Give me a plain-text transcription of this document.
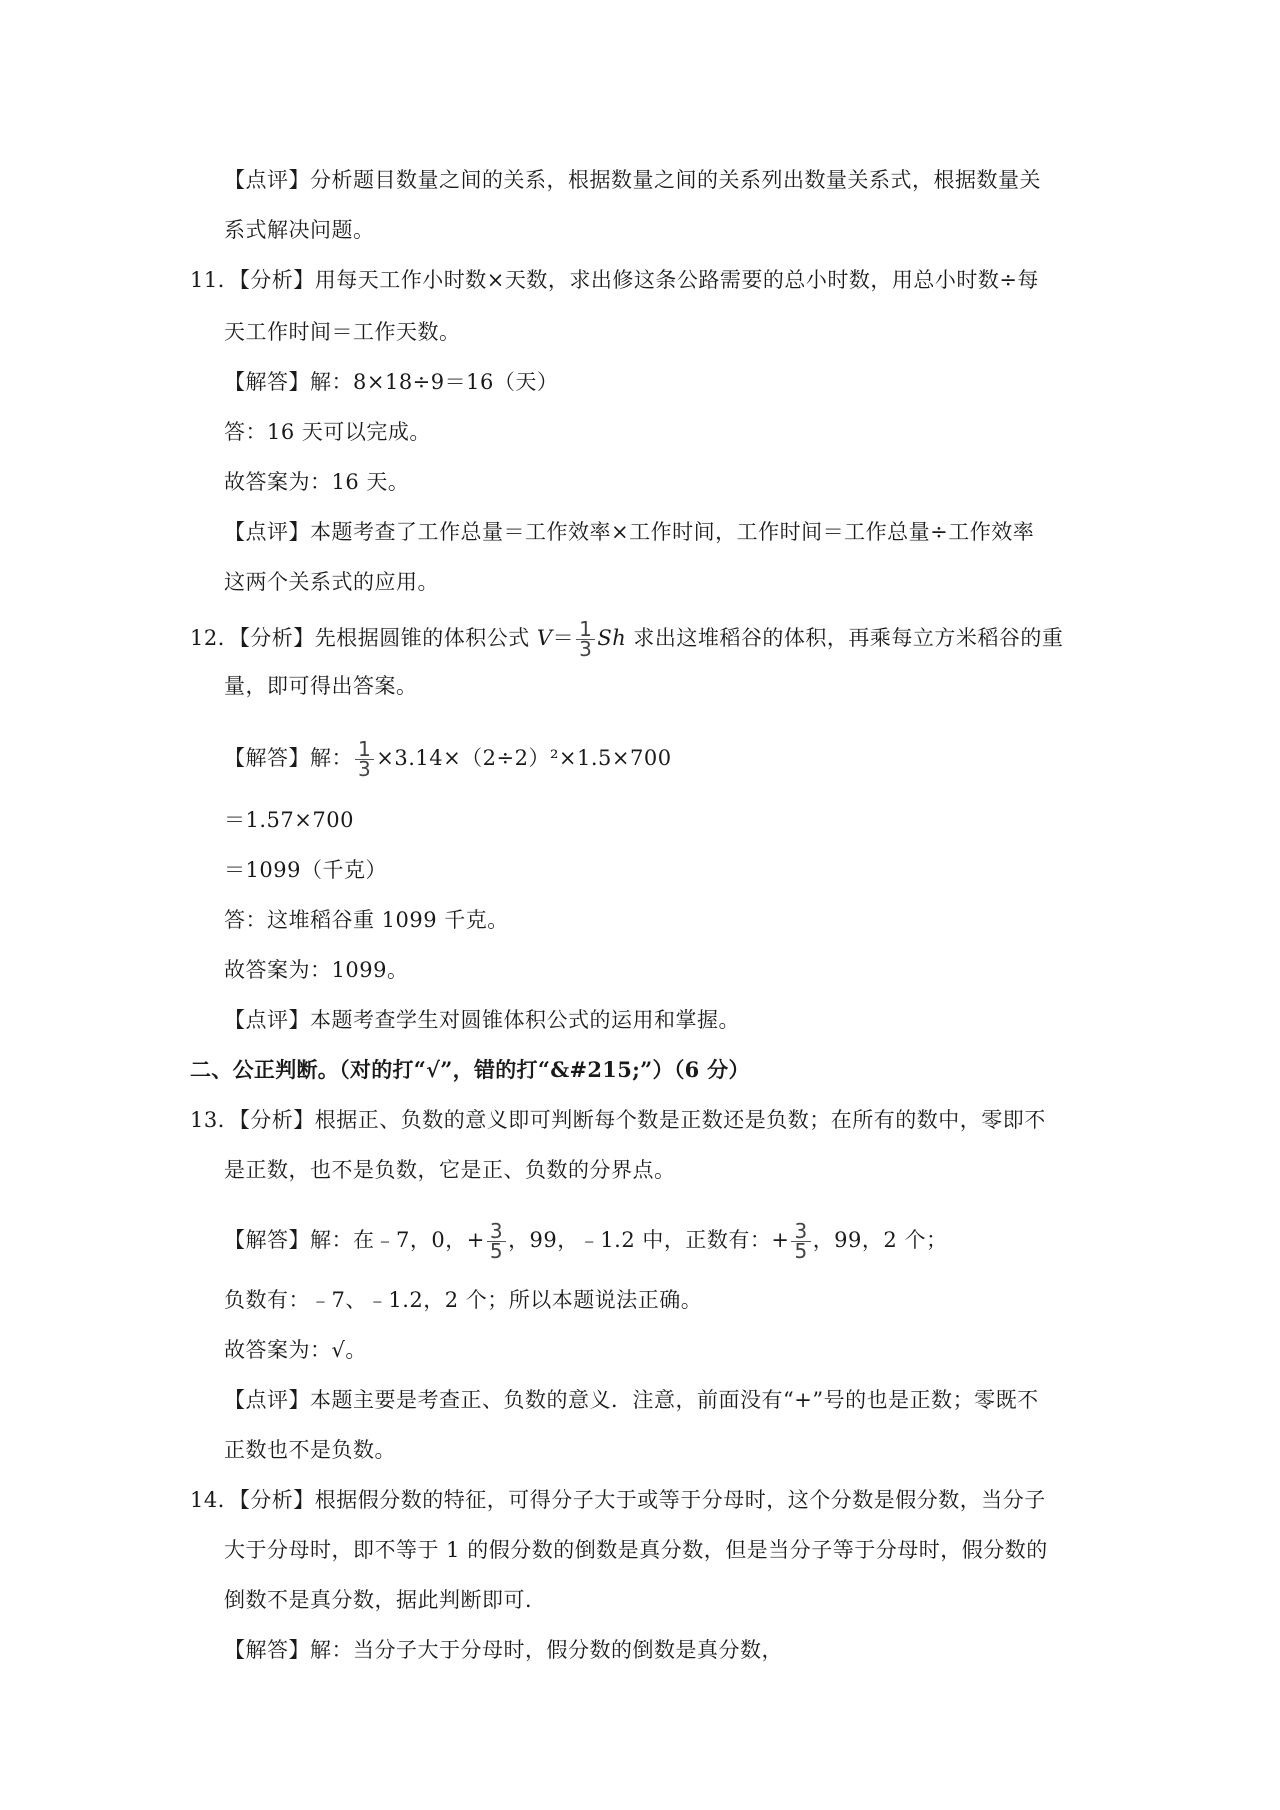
【点评】分析题目数量之间的关系，根据数量之间的关系列出数量关系式，根据数量关
系式解决问题。
11．【分析】用每天工作小时数×天数，求出修这条公路需要的总小时数，用总小时数÷每
天工作时间＝工作天数。
【解答】解：8×18÷9＝16（天）
答：16 天可以完成。
故答案为：16 天。
【点评】本题考查了工作总量＝工作效率×工作时间，工作时间＝工作总量÷工作效率
这两个关系式的应用。
12．【分析】先根据圆锥的体积公式 $V= \frac{1}{3}$ Sh 求出这堆稻谷的体积，再乘每立方米稻谷的重
量，即可得出答案。
【解答】解： $\frac{1}{3} \times 3.14\times(2\div 2)^2\times 1.5\times 700$
＝1.57×700
＝1099（千克）
答：这堆稻谷重 1099 千克。
故答案为：1099。
【点评】本题考查学生对圆锥体积公式的运用和掌握。
二、公正判断。（对的打“√”，错的打“&#215;”）（6 分）
13．【分析】根据正、负数的意义即可判断每个数是正数还是负数；在所有的数中，零即不
是正数，也不是负数，它是正、负数的分界点。
【解答】解：在﹣7，0，+ $\frac{3}{5}$ ，99，﹣1.2 中，正数有：+ $\frac{3}{5}$ ，99，2 个；
负数有：﹣7、﹣1.2，2 个；所以本题说法正确。
故答案为：√。
【点评】本题主要是考查正、负数的意义．注意，前面没有“+”号的也是正数；零既不
正数也不是负数。
14．【分析】根据假分数的特征，可得分子大于或等于分母时，这个分数是假分数，当分子
大于分母时，即不等于 1 的假分数的倒数是真分数，但是当分子等于分母时，假分数的
倒数不是真分数，据此判断即可．
【解答】解：当分子大于分母时，假分数的倒数是真分数，
